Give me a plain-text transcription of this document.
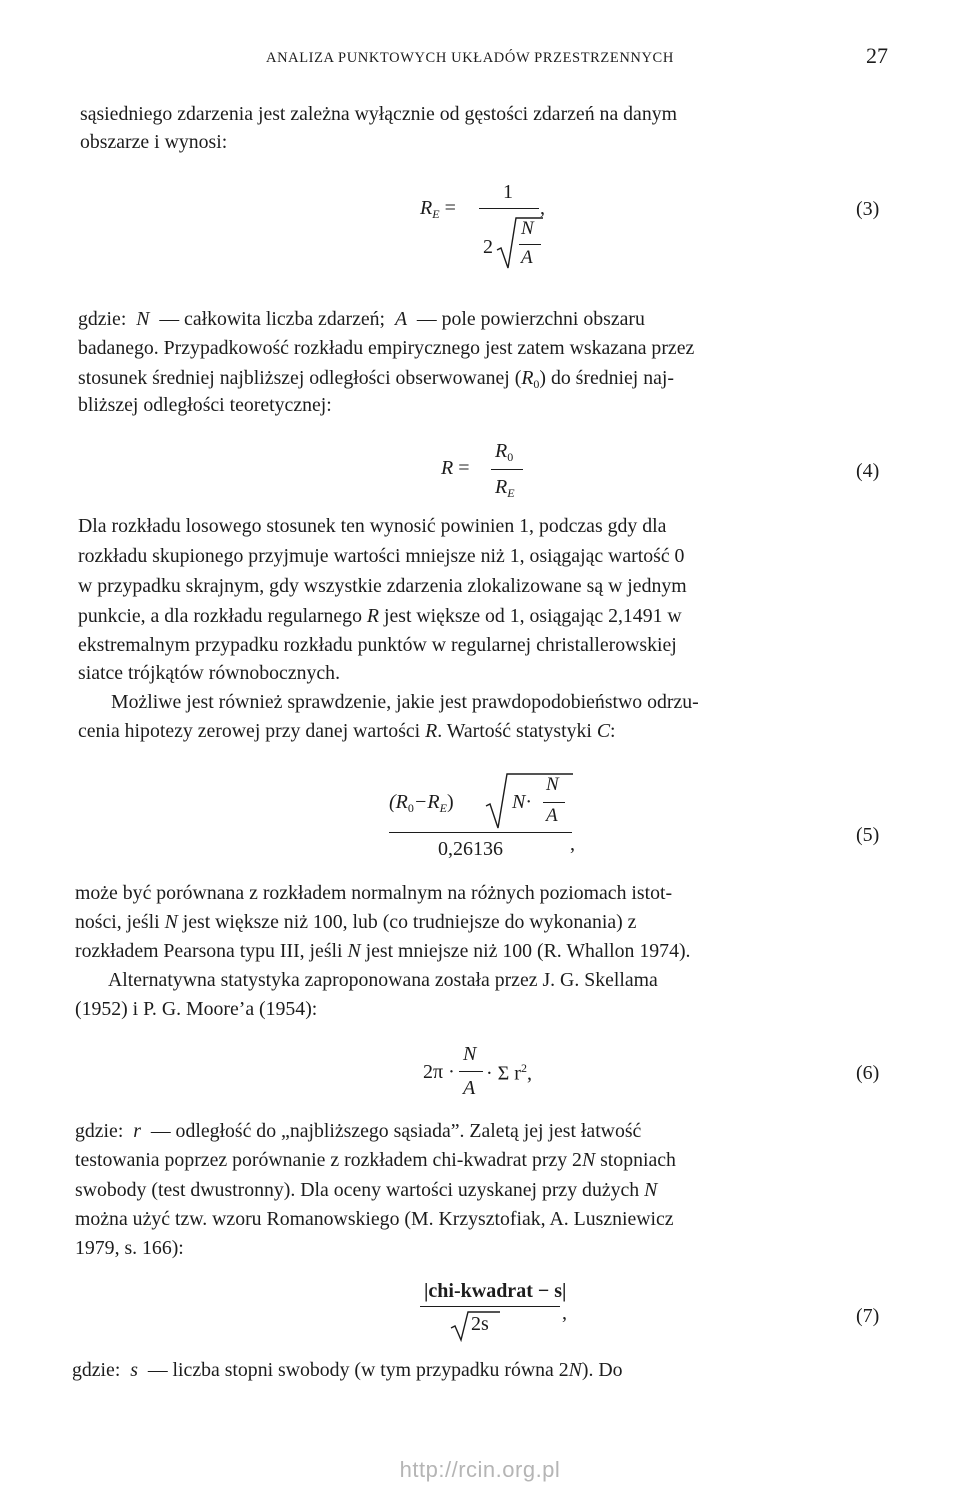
ANALIZA PUNKTOWYCH UKŁADÓW PRZESTRZENNYCH	27
sąsiedniego zdarzenia jest zależna wyłącznie od gęstości zdarzeń na danym
obszarze i wynosi:
$R_E$ =
1
2
N
A
,	(3)
gdzie: N — całkowita liczba zdarzeń; A — pole powierzchni obszaru
badanego. Przypadkowość rozkładu empirycznego jest zatem wskazana przez
stosunek średniej najbliższej odległości obserwowanej $(R_0)$ do średniej naj-
bliższej odległości teoretycznej:
R =
$R_0$
$R_E$
(4)
Dla rozkładu losowego stosunek ten wynosić powinien 1, podczas gdy dla
rozkładu skupionego przyjmuje wartości mniejsze niż 1, osiągając wartość 0
w przypadku skrajnym, gdy wszystkie zdarzenia zlokalizowane są w jednym
punkcie, a dla rozkładu regularnego R jest większe od 1, osiągając 2,1491 w
ekstremalnym przypadku rozkładu punktów w regularnej christallerowskiej
siatce trójkątów równobocznych.
Możliwe jest również sprawdzenie, jakie jest prawdopodobieństwo odrzu-
cenia hipotezy zerowej przy danej wartości R. Wartość statystyki C:
$(R_0-R_E)$	N·
N
A
0,26136	,	(5)
może być porównana z rozkładem normalnym na różnych poziomach istot-
ności, jeśli N jest większe niż 100, lub (co trudniejsze do wykonania) z
rozkładem Pearsona typu III, jeśli N jest mniejsze niż 100 (R. Whallon 1974).
Alternatywna statystyka zaproponowana została przez J. G. Skellama
(1952) i P. G. Moore’a (1954):
2π ·
N
A
· Σ $r^2$,	(6)
gdzie: r — odległość do „najbliższego sąsiada”. Zaletą jej jest łatwość
testowania poprzez porównanie z rozkładem chi-kwadrat przy 2N stopniach
swobody (test dwustronny). Dla oceny wartości uzyskanej przy dużych N
można użyć tzw. wzoru Romanowskiego (M. Krzysztofiak, A. Luszniewicz
1979, s. 166):
|chi-kwadrat − s|
2s	,	(7)
gdzie: s — liczba stopni swobody (w tym przypadku równa 2N). Do
http://rcin.org.pl
